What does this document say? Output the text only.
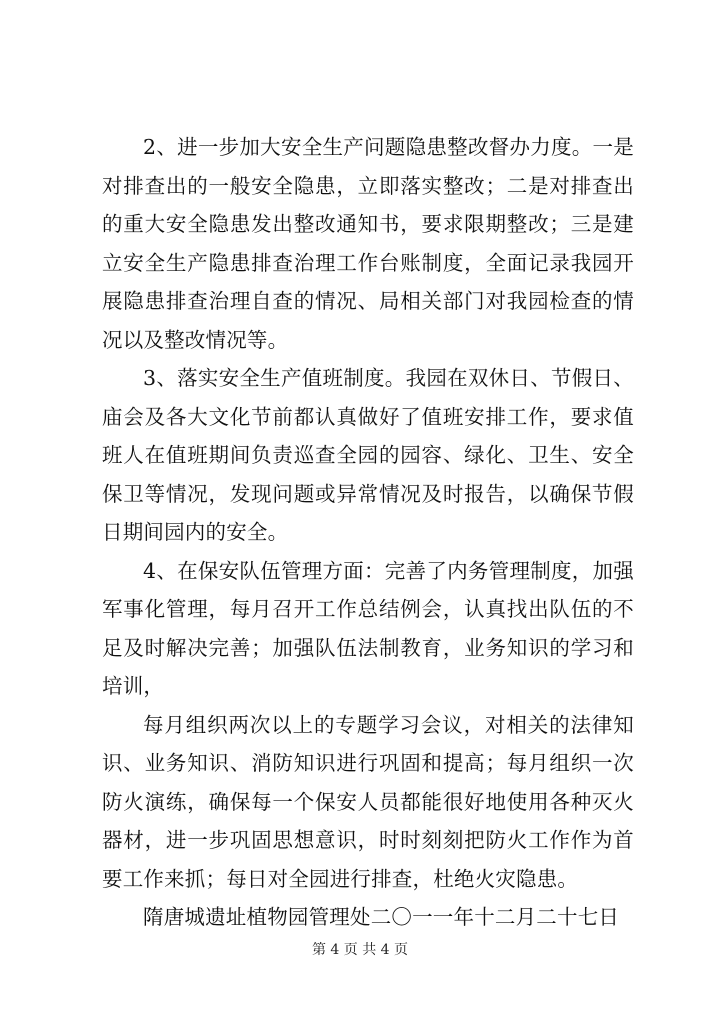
2、进一步加大安全生产问题隐患整改督办力度。一是对排查出的一般安全隐患，立即落实整改；二是对排查出的重大安全隐患发出整改通知书，要求限期整改；三是建立安全生产隐患排查治理工作台账制度，全面记录我园开展隐患排查治理自查的情况、局相关部门对我园检查的情况以及整改情况等。

3、落实安全生产值班制度。我园在双休日、节假日、庙会及各大文化节前都认真做好了值班安排工作，要求值班人在值班期间负责巡查全园的园容、绿化、卫生、安全保卫等情况，发现问题或异常情况及时报告，以确保节假日期间园内的安全。

4、在保安队伍管理方面：完善了内务管理制度，加强军事化管理，每月召开工作总结例会，认真找出队伍的不足及时解决完善；加强队伍法制教育，业务知识的学习和培训，

每月组织两次以上的专题学习会议，对相关的法律知识、业务知识、消防知识进行巩固和提高；每月组织一次防火演练，确保每一个保安人员都能很好地使用各种灭火器材，进一步巩固思想意识，时时刻刻把防火工作作为首要工作来抓；每日对全园进行排查，杜绝火灾隐患。

隋唐城遗址植物园管理处二〇一一年十二月二十七日

第 4 页 共 4 页
